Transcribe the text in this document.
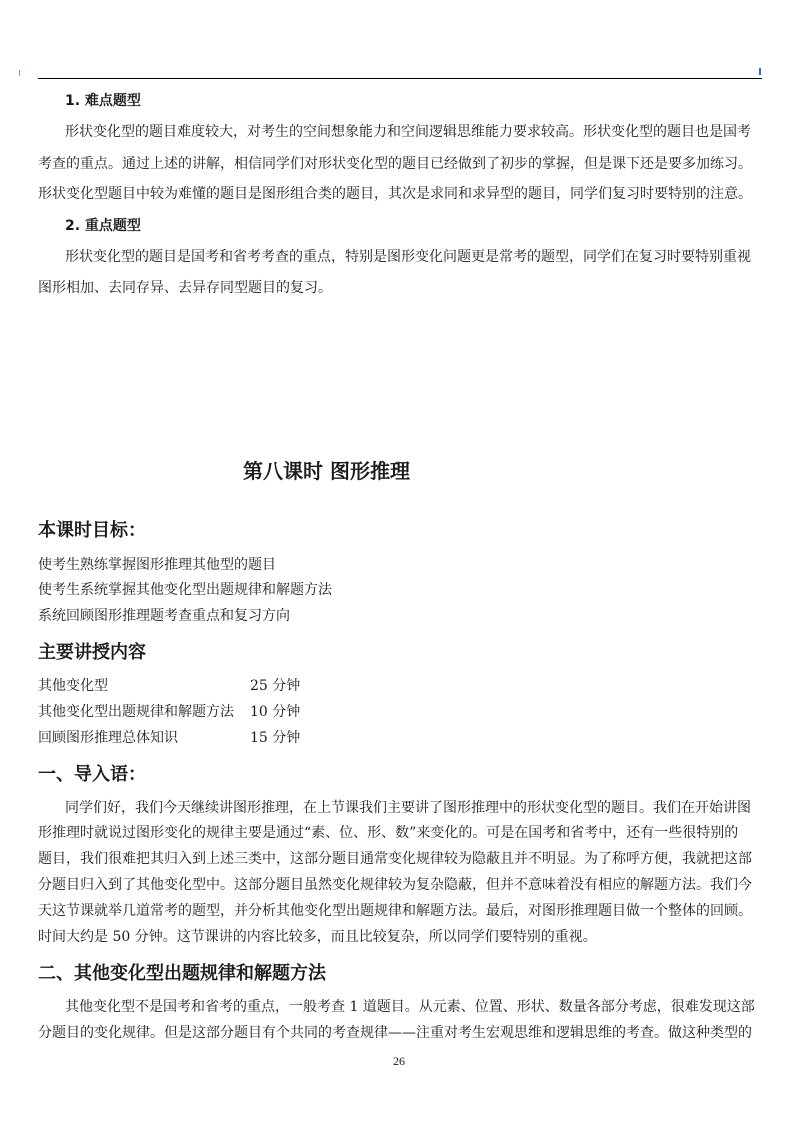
1. 难点题型
形状变化型的题目难度较大，对考生的空间想象能力和空间逻辑思维能力要求较高。形状变化型的题目也是国考
考查的重点。通过上述的讲解，相信同学们对形状变化型的题目已经做到了初步的掌握，但是课下还是要多加练习。
形状变化型题目中较为难懂的题目是图形组合类的题目，其次是求同和求异型的题目，同学们复习时要特别的注意。
2. 重点题型
形状变化型的题目是国考和省考考查的重点，特别是图形变化问题更是常考的题型，同学们在复习时要特别重视
图形相加、去同存异、去异存同型题目的复习。
第八课时 图形推理
本课时目标：
使考生熟练掌握图形推理其他型的题目
使考生系统掌握其他变化型出题规律和解题方法
系统回顾图形推理题考查重点和复习方向
主要讲授内容
其他变化型	25 分钟
其他变化型出题规律和解题方法 10 分钟
回顾图形推理总体知识	15 分钟
一、导入语：
同学们好，我们今天继续讲图形推理，在上节课我们主要讲了图形推理中的形状变化型的题目。我们在开始讲图
形推理时就说过图形变化的规律主要是通过“素、位、形、数”来变化的。可是在国考和省考中，还有一些很特别的
题目，我们很难把其归入到上述三类中，这部分题目通常变化规律较为隐蔽且并不明显。为了称呼方便，我就把这部
分题目归入到了其他变化型中。这部分题目虽然变化规律较为复杂隐蔽，但并不意味着没有相应的解题方法。我们今
天这节课就举几道常考的题型，并分析其他变化型出题规律和解题方法。最后，对图形推理题目做一个整体的回顾。
时间大约是 50 分钟。这节课讲的内容比较多，而且比较复杂，所以同学们要特别的重视。
二、其他变化型出题规律和解题方法
其他变化型不是国考和省考的重点，一般考查 1 道题目。从元素、位置、形状、数量各部分考虑，很难发现这部
分题目的变化规律。但是这部分题目有个共同的考查规律——注重对考生宏观思维和逻辑思维的考查。做这种类型的
26
